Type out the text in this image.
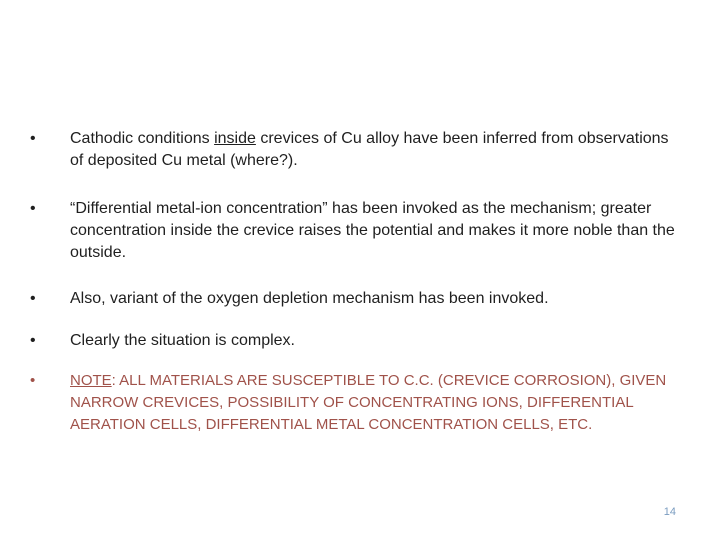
•	Cathodic conditions inside crevices of Cu alloy have been inferred from observations of deposited Cu metal (where?).
•	“Differential metal-ion concentration” has been invoked as the mechanism; greater concentration inside the crevice raises the potential and makes it more noble than the outside.
•	Also, variant of the oxygen depletion mechanism has been invoked.
•	Clearly the situation is complex.
•	NOTE: ALL MATERIALS ARE SUSCEPTIBLE TO C.C. (CREVICE CORROSION), GIVEN NARROW CREVICES, POSSIBILITY OF CONCENTRATING IONS, DIFFERENTIAL AERATION CELLS, DIFFERENTIAL METAL CONCENTRATION CELLS, ETC.
14
